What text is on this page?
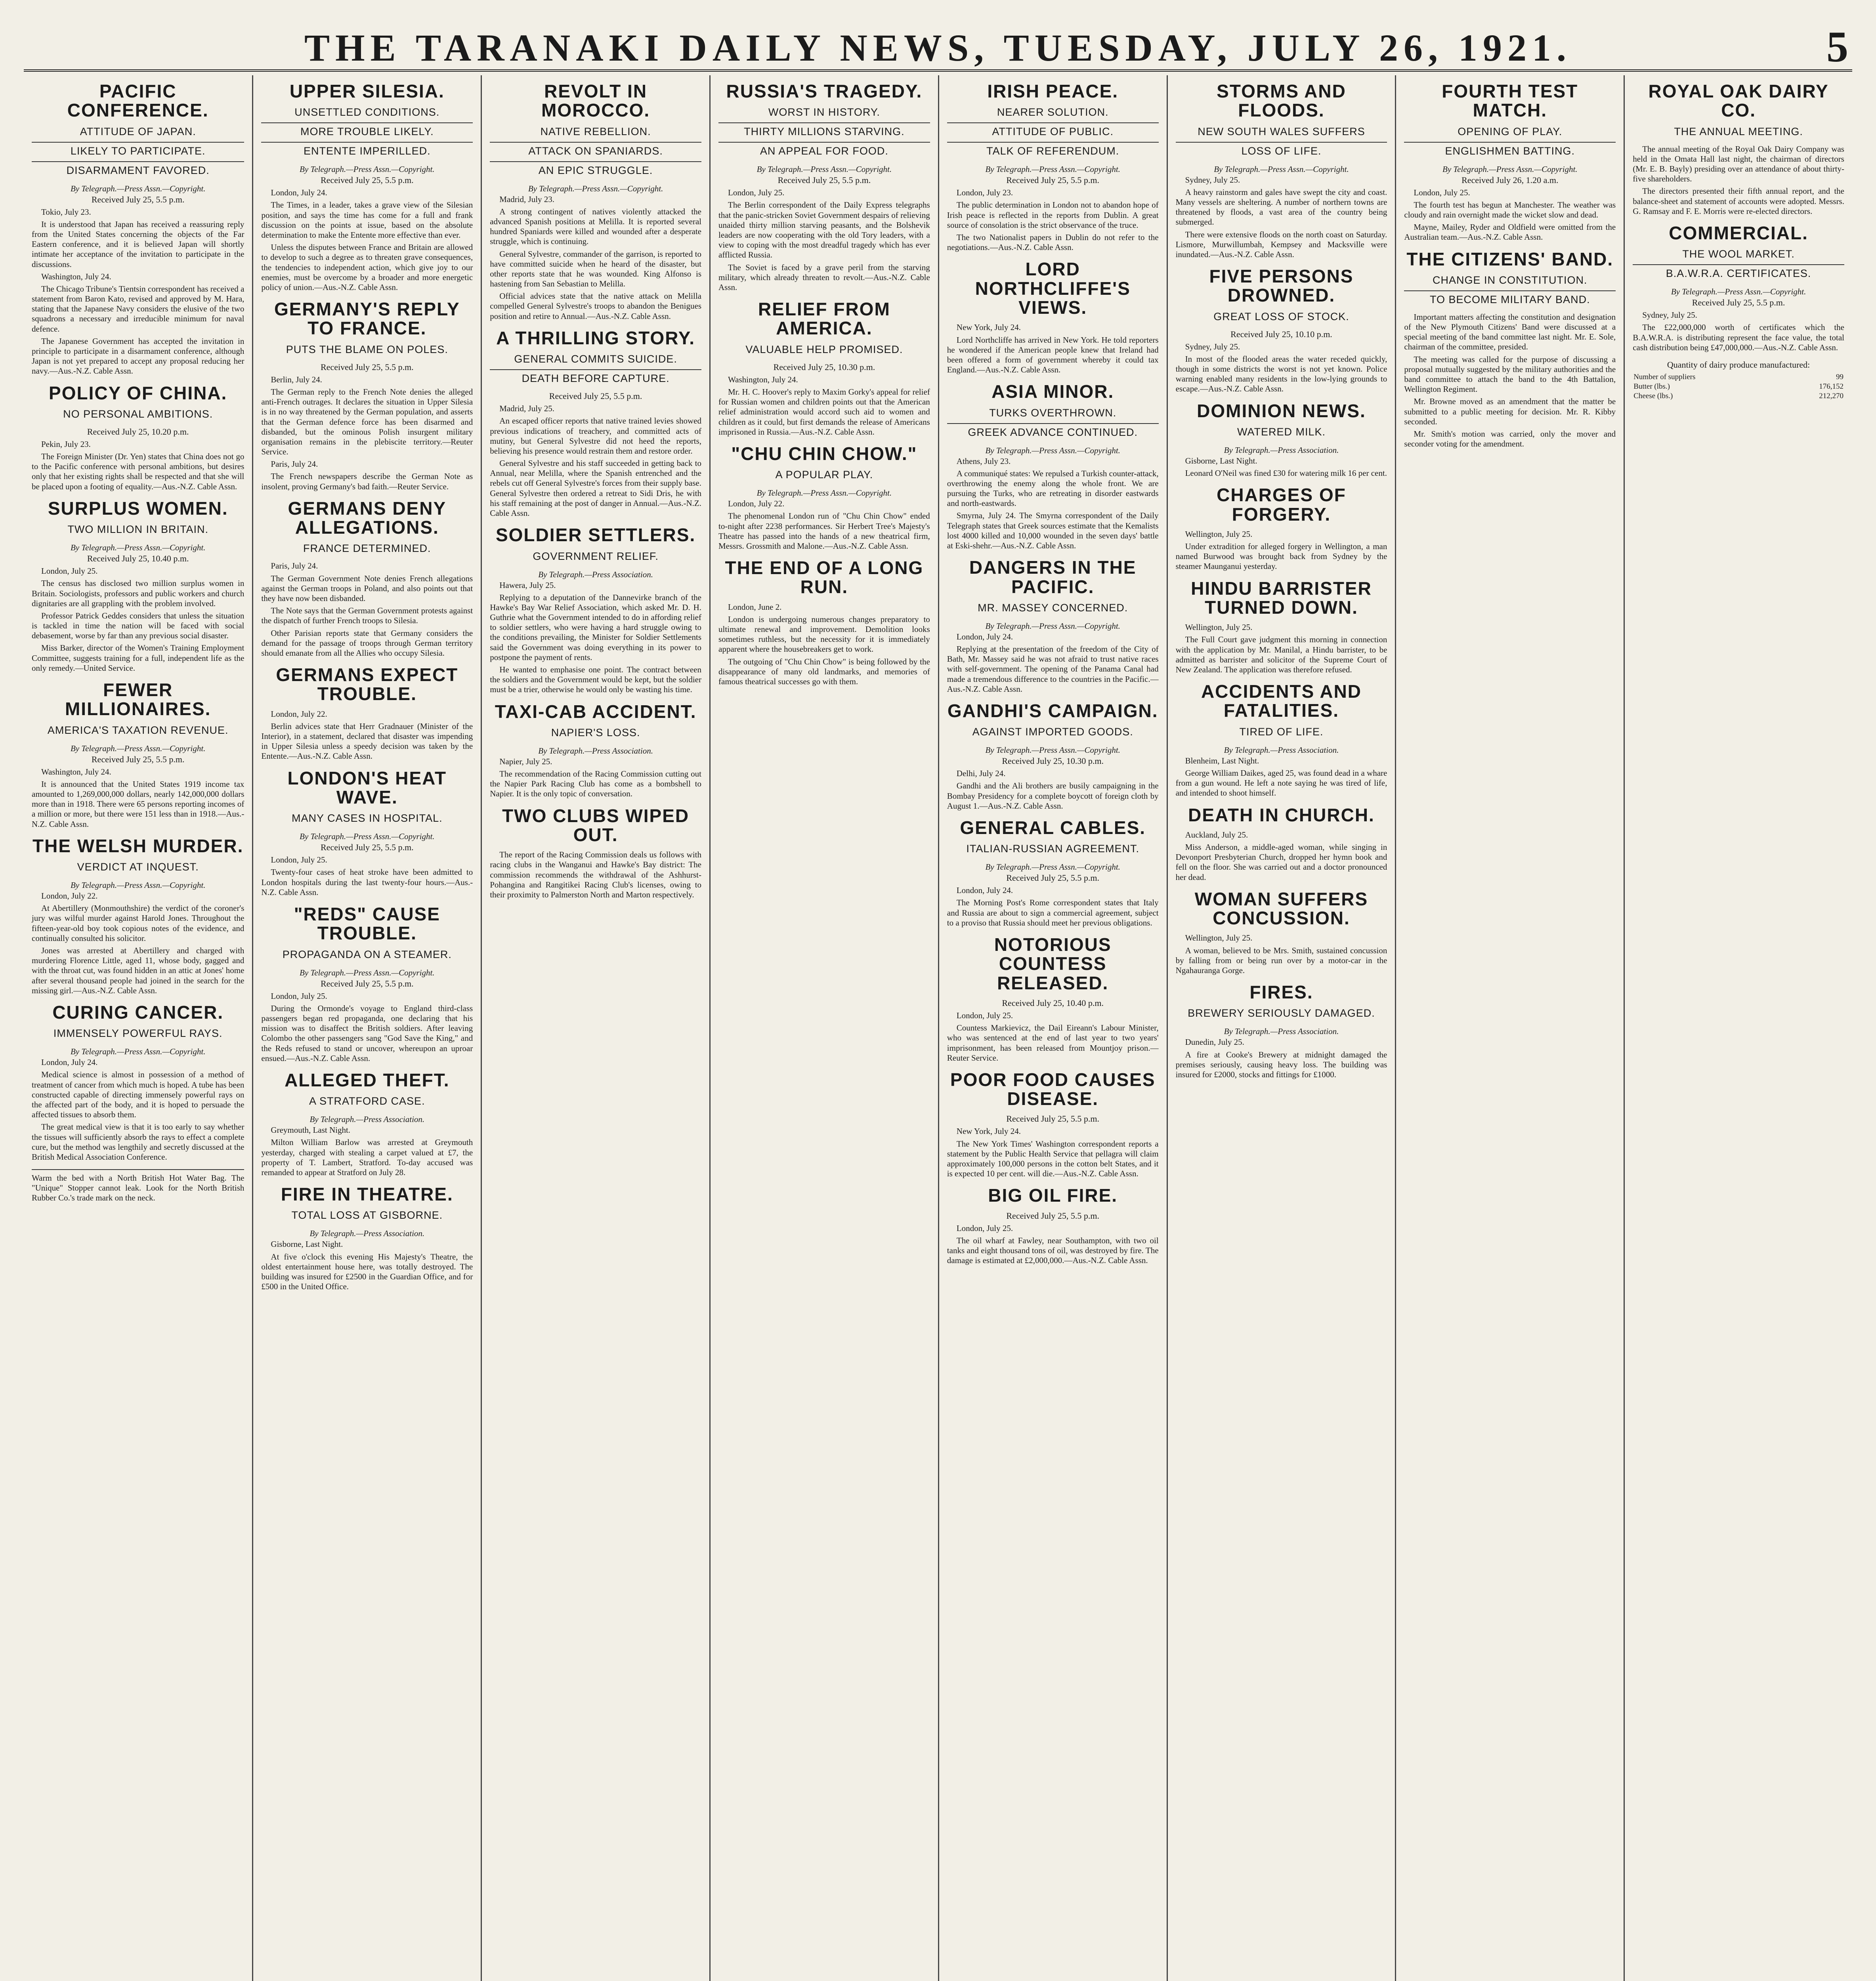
THE TARANAKI DAILY NEWS, TUESDAY, JULY 26, 1921.	5
PACIFIC CONFERENCE.
ATTITUDE OF JAPAN.
LIKELY TO PARTICIPATE.
DISARMAMENT FAVORED.
By Telegraph.—Press Assn.—Copyright.
Received July 25, 5.5 p.m.

Tokio, July 23.

It is understood that Japan has received a reassuring reply from the United States concerning the objects of the Far Eastern conference, and it is believed Japan will shortly intimate her acceptance of the invitation to participate in the discussions.

Washington, July 24.

The Chicago Tribune's Tientsin correspondent has received a statement from Baron Kato, revised and approved by M. Hara, stating that the Japanese Navy considers the elusive of the two squadrons a necessary and irreducible minimum for naval defence.

The Japanese Government has accepted the invitation in principle to participate in a disarmament conference, although Japan is not yet prepared to accept any proposal reducing her navy.—Aus.-N.Z. Cable Assn.

POLICY OF CHINA.
NO PERSONAL AMBITIONS.
Received July 25, 10.20 p.m.

Pekin, July 23.

The Foreign Minister (Dr. Yen) states that China does not go to the Pacific conference with personal ambitions, but desires only that her existing rights shall be respected and that she will be placed upon a footing of equality.—Aus.-N.Z. Cable Assn.

SURPLUS WOMEN.
TWO MILLION IN BRITAIN.
By Telegraph.—Press Assn.—Copyright.
Received July 25, 10.40 p.m.

London, July 25.

The census has disclosed two million surplus women in Britain. Sociologists, professors and public workers and church dignitaries are all grappling with the problem involved.

Professor Patrick Geddes considers that unless the situation is tackled in time the nation will be faced with social debasement, worse by far than any previous social disaster.

Miss Barker, director of the Women's Training Employment Committee, suggests training for a full, independent life as the only remedy.—United Service.

FEWER MILLIONAIRES.
AMERICA'S TAXATION REVENUE.
By Telegraph.—Press Assn.—Copyright.
Received July 25, 5.5 p.m.

Washington, July 24.

It is announced that the United States 1919 income tax amounted to 1,269,000,000 dollars, nearly 142,000,000 dollars more than in 1918. There were 65 persons reporting incomes of a million or more, but there were 151 less than in 1918.—Aus.-N.Z. Cable Assn.

THE WELSH MURDER.
VERDICT AT INQUEST.
By Telegraph.—Press Assn.—Copyright.

London, July 22.

At Abertillery (Monmouthshire) the verdict of the coroner's jury was wilful murder against Harold Jones. Throughout the fifteen-year-old boy took copious notes of the evidence, and continually consulted his solicitor.

Jones was arrested at Abertillery and charged with murdering Florence Little, aged 11, whose body, gagged and with the throat cut, was found hidden in an attic at Jones' home after several thousand people had joined in the search for the missing girl.—Aus.-N.Z. Cable Assn.

CURING CANCER.
IMMENSELY POWERFUL RAYS.
By Telegraph.—Press Assn.—Copyright.

London, July 24.

Medical science is almost in possession of a method of treatment of cancer from which much is hoped. A tube has been constructed capable of directing immensely powerful rays on the affected part of the body, and it is hoped to persuade the affected tissues to absorb them.

The great medical view is that it is too early to say whether the tissues will sufficiently absorb the rays to effect a complete cure, but the method was lengthily and secretly discussed at the British Medical Association Conference.

Warm the bed with a North British Hot Water Bag. The "Unique" Stopper cannot leak. Look for the North British Rubber Co.'s trade mark on the neck.
UPPER SILESIA.
UNSETTLED CONDITIONS.
MORE TROUBLE LIKELY.
ENTENTE IMPERILLED.
By Telegraph.—Press Assn.—Copyright.
Received July 25, 5.5 p.m.

London, July 24.

The Times, in a leader, takes a grave view of the Silesian position, and says the time has come for a full and frank discussion on the points at issue, based on the absolute determination to make the Entente more effective than ever.

Unless the disputes between France and Britain are allowed to develop to such a degree as to threaten grave consequences, the tendencies to independent action, which give joy to our enemies, must be overcome by a broader and more energetic policy of union.—Aus.-N.Z. Cable Assn.

GERMANY'S REPLY TO FRANCE.
PUTS THE BLAME ON POLES.
Received July 25, 5.5 p.m.

Berlin, July 24.

The German reply to the French Note denies the alleged anti-French outrages. It declares the situation in Upper Silesia is in no way threatened by the German population, and asserts that the German defence force has been disarmed and disbanded, but the ominous Polish insurgent military organisation remains in the plebiscite territory.—Reuter Service.

Paris, July 24.

The French newspapers describe the German Note as insolent, proving Germany's bad faith.—Reuter Service.

GERMANS DENY ALLEGATIONS.
FRANCE DETERMINED.

Paris, July 24.

The German Government Note denies French allegations against the German troops in Poland, and also points out that they have now been disbanded.

The Note says that the German Government protests against the dispatch of further French troops to Silesia.

Other Parisian reports state that Germany considers the demand for the passage of troops through German territory should emanate from all the Allies who occupy Silesia.

GERMANS EXPECT TROUBLE.

London, July 22.

Berlin advices state that Herr Gradnauer (Minister of the Interior), in a statement, declared that disaster was impending in Upper Silesia unless a speedy decision was taken by the Entente.—Aus.-N.Z. Cable Assn.

LONDON'S HEAT WAVE.
MANY CASES IN HOSPITAL.
By Telegraph.—Press Assn.—Copyright.
Received July 25, 5.5 p.m.

London, July 25.

Twenty-four cases of heat stroke have been admitted to London hospitals during the last twenty-four hours.—Aus.-N.Z. Cable Assn.

"REDS" CAUSE TROUBLE.
PROPAGANDA ON A STEAMER.
By Telegraph.—Press Assn.—Copyright.
Received July 25, 5.5 p.m.

London, July 25.

During the Ormonde's voyage to England third-class passengers began red propaganda, one declaring that his mission was to disaffect the British soldiers. After leaving Colombo the other passengers sang "God Save the King," and the Reds refused to stand or uncover, whereupon an uproar ensued.—Aus.-N.Z. Cable Assn.

ALLEGED THEFT.
A STRATFORD CASE.
By Telegraph.—Press Association.

Greymouth, Last Night.

Milton William Barlow was arrested at Greymouth yesterday, charged with stealing a carpet valued at £7, the property of T. Lambert, Stratford. To-day accused was remanded to appear at Stratford on July 28.

FIRE IN THEATRE.
TOTAL LOSS AT GISBORNE.
By Telegraph.—Press Association.

Gisborne, Last Night.

At five o'clock this evening His Majesty's Theatre, the oldest entertainment house here, was totally destroyed. The building was insured for £2500 in the Guardian Office, and for £500 in the United Office.

REVOLT IN MOROCCO.
NATIVE REBELLION.
ATTACK ON SPANIARDS.
AN EPIC STRUGGLE.
By Telegraph.—Press Assn.—Copyright.

Madrid, July 23.

A strong contingent of natives violently attacked the advanced Spanish positions at Melilla. It is reported several hundred Spaniards were killed and wounded after a desperate struggle, which is continuing.

General Sylvestre, commander of the garrison, is reported to have committed suicide when he heard of the disaster, but other reports state that he was wounded. King Alfonso is hastening from San Sebastian to Melilla.

Official advices state that the native attack on Melilla compelled General Sylvestre's troops to abandon the Benigues position and retire to Annual.—Aus.-N.Z. Cable Assn.

A THRILLING STORY.
GENERAL COMMITS SUICIDE.
DEATH BEFORE CAPTURE.
Received July 25, 5.5 p.m.

Madrid, July 25.

An escaped officer reports that native trained levies showed previous indications of treachery, and committed acts of mutiny, but General Sylvestre did not heed the reports, believing his presence would restrain them and restore order.

General Sylvestre and his staff succeeded in getting back to Annual, near Melilla, where the Spanish entrenched and the rebels cut off General Sylvestre's forces from their supply base. General Sylvestre then ordered a retreat to Sidi Dris, he with his staff remaining at the post of danger in Annual.—Aus.-N.Z. Cable Assn.

SOLDIER SETTLERS.
GOVERNMENT RELIEF.
By Telegraph.—Press Association.

Hawera, July 25.

Replying to a deputation of the Dannevirke branch of the Hawke's Bay War Relief Association, which asked Mr. D. H. Guthrie what the Government intended to do in affording relief to soldier settlers, who were having a hard struggle owing to the conditions prevailing, the Minister for Soldier Settlements said the Government was doing everything in its power to postpone the payment of rents.

He wanted to emphasise one point. The contract between the soldiers and the Government would be kept, but the soldier must be a trier, otherwise he would only be wasting his time.

TAXI-CAB ACCIDENT.
NAPIER'S LOSS.
By Telegraph.—Press Association.

Napier, July 25.

The recommendation of the Racing Commission cutting out the Napier Park Racing Club has come as a bombshell to Napier. It is the only topic of conversation.

TWO CLUBS WIPED OUT.

The report of the Racing Commission deals us follows with racing clubs in the Wanganui and Hawke's Bay district: The commission recommends the withdrawal of the Ashhurst-Pohangina and Rangitikei Racing Club's licenses, owing to their proximity to Palmerston North and Marton respectively.

RUSSIA'S TRAGEDY.
WORST IN HISTORY.
THIRTY MILLIONS STARVING.
AN APPEAL FOR FOOD.
By Telegraph.—Press Assn.—Copyright.
Received July 25, 5.5 p.m.

London, July 25.

The Berlin correspondent of the Daily Express telegraphs that the panic-stricken Soviet Government despairs of relieving unaided thirty million starving peasants, and the Bolshevik leaders are now cooperating with the old Tory leaders, with a view to coping with the most dreadful tragedy which has ever afflicted Russia.

The Soviet is faced by a grave peril from the starving military, which already threaten to revolt.—Aus.-N.Z. Cable Assn.

RELIEF FROM AMERICA.
VALUABLE HELP PROMISED.
Received July 25, 10.30 p.m.

Washington, July 24.

Mr. H. C. Hoover's reply to Maxim Gorky's appeal for relief for Russian women and children points out that the American relief administration would accord such aid to women and children as it could, but first demands the release of Americans imprisoned in Russia.—Aus.-N.Z. Cable Assn.

"CHU CHIN CHOW."
A POPULAR PLAY.
By Telegraph.—Press Assn.—Copyright.

London, July 22.

The phenomenal London run of "Chu Chin Chow" ended to-night after 2238 performances. Sir Herbert Tree's Majesty's Theatre has passed into the hands of a new theatrical firm, Messrs. Grossmith and Malone.—Aus.-N.Z. Cable Assn.

THE END OF A LONG RUN.

London, June 2.

London is undergoing numerous changes preparatory to ultimate renewal and improvement. Demolition looks sometimes ruthless, but the necessity for it is immediately apparent where the housebreakers get to work.

The outgoing of "Chu Chin Chow" is being followed by the disappearance of many old landmarks, and memories of famous theatrical successes go with them.

IRISH PEACE.
NEARER SOLUTION.
ATTITUDE OF PUBLIC.
TALK OF REFERENDUM.
By Telegraph.—Press Assn.—Copyright.
Received July 25, 5.5 p.m.

London, July 23.

The public determination in London not to abandon hope of Irish peace is reflected in the reports from Dublin. A great source of consolation is the strict observance of the truce.

The two Nationalist papers in Dublin do not refer to the negotiations.—Aus.-N.Z. Cable Assn.

LORD NORTHCLIFFE'S VIEWS.

New York, July 24.

Lord Northcliffe has arrived in New York. He told reporters he wondered if the American people knew that Ireland had been offered a form of government whereby it could tax England.—Aus.-N.Z. Cable Assn.

ASIA MINOR.
TURKS OVERTHROWN.
GREEK ADVANCE CONTINUED.
By Telegraph.—Press Assn.—Copyright.

Athens, July 23.

A communiqué states: We repulsed a Turkish counter-attack, overthrowing the enemy along the whole front. We are pursuing the Turks, who are retreating in disorder eastwards and north-eastwards.

Smyrna, July 24. The Smyrna correspondent of the Daily Telegraph states that Greek sources estimate that the Kemalists lost 4000 killed and 10,000 wounded in the seven days' battle at Eski-shehr.—Aus.-N.Z. Cable Assn.

DANGERS IN THE PACIFIC.
MR. MASSEY CONCERNED.
By Telegraph.—Press Assn.—Copyright.

London, July 24.

Replying at the presentation of the freedom of the City of Bath, Mr. Massey said he was not afraid to trust native races with self-government. The opening of the Panama Canal had made a tremendous difference to the countries in the Pacific.—Aus.-N.Z. Cable Assn.

GANDHI'S CAMPAIGN.
AGAINST IMPORTED GOODS.
By Telegraph.—Press Assn.—Copyright.
Received July 25, 10.30 p.m.

Delhi, July 24.

Gandhi and the Ali brothers are busily campaigning in the Bombay Presidency for a complete boycott of foreign cloth by August 1.—Aus.-N.Z. Cable Assn.

GENERAL CABLES.
ITALIAN-RUSSIAN AGREEMENT.
By Telegraph.—Press Assn.—Copyright.
Received July 25, 5.5 p.m.

London, July 24.

The Morning Post's Rome correspondent states that Italy and Russia are about to sign a commercial agreement, subject to a proviso that Russia should meet her previous obligations.

NOTORIOUS COUNTESS RELEASED.
Received July 25, 10.40 p.m.

London, July 25.

Countess Markievicz, the Dail Eireann's Labour Minister, who was sentenced at the end of last year to two years' imprisonment, has been released from Mountjoy prison.—Reuter Service.

POOR FOOD CAUSES DISEASE.
Received July 25, 5.5 p.m.

New York, July 24.

The New York Times' Washington correspondent reports a statement by the Public Health Service that pellagra will claim approximately 100,000 persons in the cotton belt States, and it is expected 10 per cent. will die.—Aus.-N.Z. Cable Assn.

BIG OIL FIRE.
Received July 25, 5.5 p.m.

London, July 25.

The oil wharf at Fawley, near Southampton, with two oil tanks and eight thousand tons of oil, was destroyed by fire. The damage is estimated at £2,000,000.—Aus.-N.Z. Cable Assn.

STORMS AND FLOODS.
NEW SOUTH WALES SUFFERS
LOSS OF LIFE.
By Telegraph.—Press Assn.—Copyright.

Sydney, July 25.

A heavy rainstorm and gales have swept the city and coast. Many vessels are sheltering. A number of northern towns are threatened by floods, a vast area of the country being submerged.

There were extensive floods on the north coast on Saturday. Lismore, Murwillumbah, Kempsey and Macksville were inundated.—Aus.-N.Z. Cable Assn.

FIVE PERSONS DROWNED.
GREAT LOSS OF STOCK.
Received July 25, 10.10 p.m.

Sydney, July 25.

In most of the flooded areas the water receded quickly, though in some districts the worst is not yet known. Police warning enabled many residents in the low-lying grounds to escape.—Aus.-N.Z. Cable Assn.

DOMINION NEWS.
WATERED MILK.
By Telegraph.—Press Association.

Gisborne, Last Night.

Leonard O'Neil was fined £30 for watering milk 16 per cent.

CHARGES OF FORGERY.

Wellington, July 25.

Under extradition for alleged forgery in Wellington, a man named Burwood was brought back from Sydney by the steamer Maunganui yesterday.

HINDU BARRISTER TURNED DOWN.

Wellington, July 25.

The Full Court gave judgment this morning in connection with the application by Mr. Manilal, a Hindu barrister, to be admitted as barrister and solicitor of the Supreme Court of New Zealand. The application was therefore refused.

ACCIDENTS AND FATALITIES.
TIRED OF LIFE.
By Telegraph.—Press Association.

Blenheim, Last Night.

George William Daikes, aged 25, was found dead in a whare from a gun wound. He left a note saying he was tired of life, and intended to shoot himself.

DEATH IN CHURCH.

Auckland, July 25.

Miss Anderson, a middle-aged woman, while singing in Devonport Presbyterian Church, dropped her hymn book and fell on the floor. She was carried out and a doctor pronounced her dead.

WOMAN SUFFERS CONCUSSION.

Wellington, July 25.

A woman, believed to be Mrs. Smith, sustained concussion by falling from or being run over by a motor-car in the Ngahauranga Gorge.

FIRES.
BREWERY SERIOUSLY DAMAGED.
By Telegraph.—Press Association.

Dunedin, July 25.

A fire at Cooke's Brewery at midnight damaged the premises seriously, causing heavy loss. The building was insured for £2000, stocks and fittings for £1000.

FOURTH TEST MATCH.
OPENING OF PLAY.
ENGLISHMEN BATTING.
By Telegraph.—Press Assn.—Copyright.
Received July 26, 1.20 a.m.

London, July 25.

The fourth test has begun at Manchester. The weather was cloudy and rain overnight made the wicket slow and dead.

Mayne, Mailey, Ryder and Oldfield were omitted from the Australian team.—Aus.-N.Z. Cable Assn.

THE CITIZENS' BAND.
CHANGE IN CONSTITUTION.
TO BECOME MILITARY BAND.

Important matters affecting the constitution and designation of the New Plymouth Citizens' Band were discussed at a special meeting of the band committee last night. Mr. E. Sole, chairman of the committee, presided.

The meeting was called for the purpose of discussing a proposal mutually suggested by the military authorities and the band committee to attach the band to the 4th Battalion, Wellington Regiment.

Mr. Browne moved as an amendment that the matter be submitted to a public meeting for decision. Mr. R. Kibby seconded.

Mr. Smith's motion was carried, only the mover and seconder voting for the amendment.

ROYAL OAK DAIRY CO.
THE ANNUAL MEETING.

The annual meeting of the Royal Oak Dairy Company was held in the Omata Hall last night, the chairman of directors (Mr. E. B. Bayly) presiding over an attendance of about thirty-five shareholders.

The directors presented their fifth annual report, and the balance-sheet and statement of accounts were adopted. Messrs. G. Ramsay and F. E. Morris were re-elected directors.

COMMERCIAL.
THE WOOL MARKET.
B.A.W.R.A. CERTIFICATES.
By Telegraph.—Press Assn.—Copyright.
Received July 25, 5.5 p.m.

Sydney, July 25.

The £22,000,000 worth of certificates which the B.A.W.R.A. is distributing represent the face value, the total cash distribution being £47,000,000.—Aus.-N.Z. Cable Assn.

Quantity of dairy produce manufactured:
Number of suppliers	99
Butter (lbs.)	176,152
Cheese (lbs.)	212,270
